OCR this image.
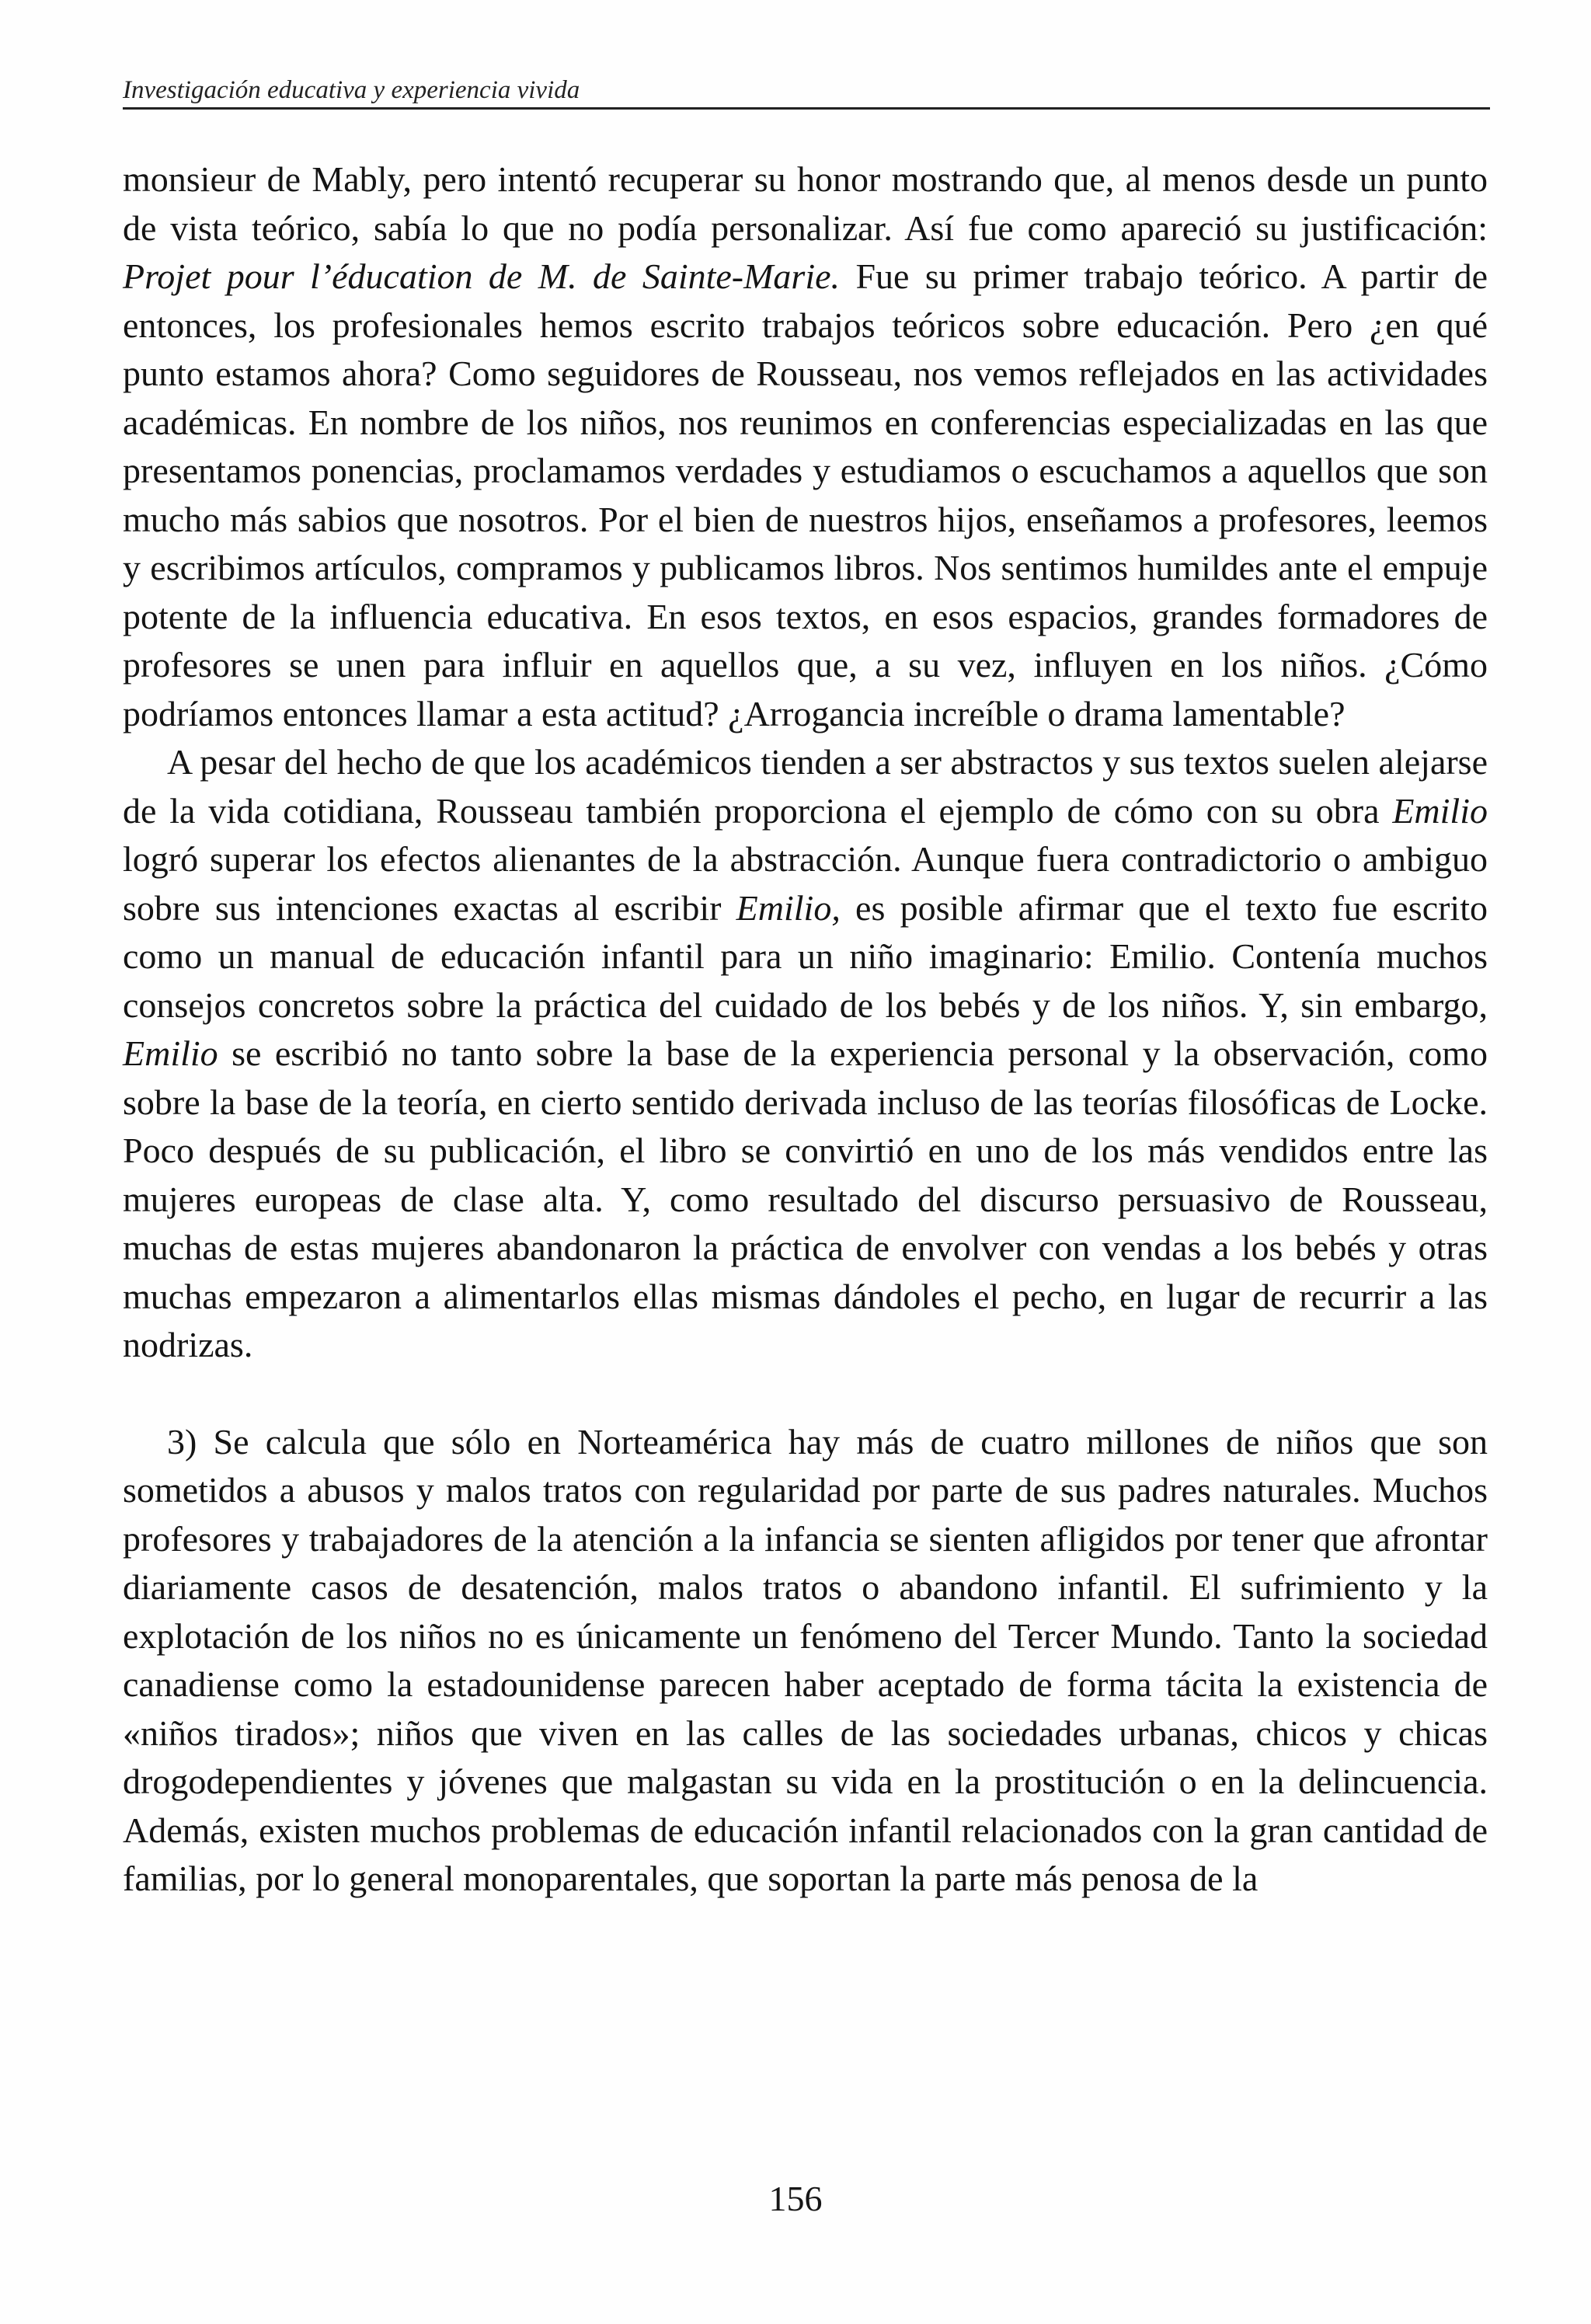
Investigación educativa y experiencia vivida

monsieur de Mably, pero intentó recuperar su honor mostrando que, al menos desde un punto de vista teórico, sabía lo que no podía personalizar. Así fue como apareció su justificación: Projet pour l’éducation de M. de Sainte-Marie. Fue su primer trabajo teórico. A partir de entonces, los profesionales hemos escrito trabajos teóricos sobre educación. Pero ¿en qué punto estamos ahora? Como seguidores de Rousseau, nos vemos reflejados en las actividades académicas. En nombre de los niños, nos reunimos en conferencias especializadas en las que presentamos ponencias, proclamamos verdades y estudiamos o escuchamos a aquellos que son mucho más sabios que nosotros. Por el bien de nuestros hijos, enseñamos a profesores, leemos y escribimos artículos, compramos y publicamos libros. Nos sentimos humildes ante el empuje potente de la influencia educativa. En esos textos, en esos espacios, grandes formadores de profesores se unen para influir en aquellos que, a su vez, influyen en los niños. ¿Cómo podríamos entonces llamar a esta actitud? ¿Arrogancia increíble o drama lamentable?

A pesar del hecho de que los académicos tienden a ser abstractos y sus textos suelen alejarse de la vida cotidiana, Rousseau también proporciona el ejemplo de cómo con su obra Emilio logró superar los efectos alienantes de la abstracción. Aunque fuera contradictorio o ambiguo sobre sus intenciones exactas al escribir Emilio, es posible afirmar que el texto fue escrito como un manual de educación infantil para un niño imaginario: Emilio. Contenía muchos consejos concretos sobre la práctica del cuidado de los bebés y de los niños. Y, sin embargo, Emilio se escribió no tanto sobre la base de la experiencia personal y la observación, como sobre la base de la teoría, en cierto sentido derivada incluso de las teorías filosóficas de Locke. Poco después de su publicación, el libro se convirtió en uno de los más vendidos entre las mujeres europeas de clase alta. Y, como resultado del discurso persuasivo de Rousseau, muchas de estas mujeres abandonaron la práctica de envolver con vendas a los bebés y otras muchas empezaron a alimentarlos ellas mismas dándoles el pecho, en lugar de recurrir a las nodrizas.

3) Se calcula que sólo en Norteamérica hay más de cuatro millones de niños que son sometidos a abusos y malos tratos con regularidad por parte de sus padres naturales. Muchos profesores y trabajadores de la atención a la infancia se sienten afligidos por tener que afrontar diariamente casos de desatención, malos tratos o abandono infantil. El sufrimiento y la explotación de los niños no es únicamente un fenómeno del Tercer Mundo. Tanto la sociedad canadiense como la estadounidense parecen haber aceptado de forma tácita la existencia de «niños tirados»; niños que viven en las calles de las sociedades urbanas, chicos y chicas drogodependientes y jóvenes que malgastan su vida en la prostitución o en la delincuencia. Además, existen muchos problemas de educación infantil relacionados con la gran cantidad de familias, por lo general monoparentales, que soportan la parte más penosa de la

156
